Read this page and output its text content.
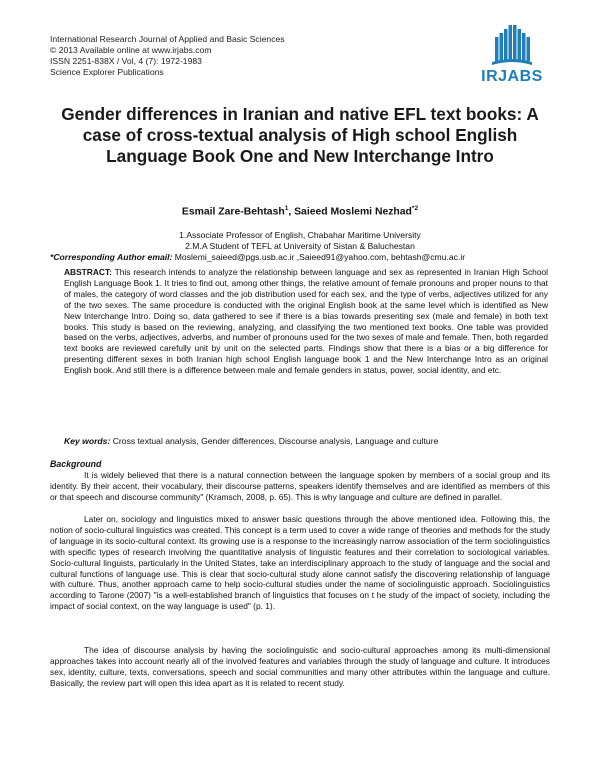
International Research Journal of Applied and Basic Sciences
© 2013 Available online at www.irjabs.com
ISSN 2251-838X / Vol, 4 (7): 1972-1983
Science Explorer Publications	IRJABS
Gender differences in Iranian and native EFL text books: A case of cross-textual analysis of High school English Language Book One and New Interchange Intro
Esmail Zare-Behtash$^1$, Saieed Moslemi Nezhad$^{*2}$
1.Associate Professor of English, Chabahar Maritime University
2.M.A Student of TEFL at University of Sistan & Baluchestan
*Corresponding Author email: Moslemi_saieed@pgs.usb.ac.ir ,Saieed91@yahoo.com, behtash@cmu.ac.ir
ABSTRACT: This research intends to analyze the relationship between language and sex as represented in Iranian High School English Language Book 1. It tries to find out, among other things, the relative amount of female pronouns and proper nouns to that of males, the category of word classes and the job distribution used for each sex, and the type of verbs, adjectives utilized for any of the two sexes. The same procedure is conducted with the original English book at the same level which is identified as New New Interchange Intro. Doing so, data gathered to see if there is a bias towards presenting sex (male and female) in both text books. This study is based on the reviewing, analyzing, and classifying the two mentioned text books. One table was provided based on the verbs, adjectives, adverbs, and number of pronouns used for the two sexes of male and female. Then, both regarded text books are reviewed carefully unit by unit on the selected parts. Findings show that there is a bias or a big difference for presenting different sexes in both Iranian high school English language book 1 and the New Interchange Intro as an original English book. And still there is a difference between male and female genders in status, power, social identity, and etc.
Key words: Cross textual analysis, Gender differences, Discourse analysis, Language and culture
Background
It is widely believed that there is a natural connection between the language spoken by members of a social group and its identity. By their accent, their vocabulary, their discourse patterns, speakers identify themselves and are identified as members of this or that speech and discourse community" (Kramsch, 2008, p. 65). This is why language and culture are defined in parallel.
Later on, sociology and linguistics mixed to answer basic questions through the above mentioned idea. Following this, the notion of socio-cultural linguistics was created. This concept is a term used to cover a wide range of theories and methods for the study of language in its socio-cultural context. Its growing use is a response to the increasingly narrow association of the term sociolinguistics with specific types of research involving the quantitative analysis of linguistic features and their correlation to sociological variables. Socio-cultural linguists, particularly in the United States, take an interdisciplinary approach to the study of language and the social and cultural functions of language use. This is clear that socio-cultural study alone cannot satisfy the discovering relationship of language with culture. Thus, another approach came to help socio-cultural studies under the name of sociolinguistic approach. Sociolinguistics according to Tarone (2007) "is a well-established branch of linguistics that focuses on t he study of the impact of society, including the impact of social context, on the way language is used" (p. 1).
The idea of discourse analysis by having the sociolinguistic and socio-cultural approaches among its multi-dimensional approaches takes into account nearly all of the involved features and variables through the study of language and culture. It introduces sex, identity, culture, texts, conversations, speech and social communities and many other attributes within the language and culture. Basically, the review part will open this idea apart as it is related to recent study.
